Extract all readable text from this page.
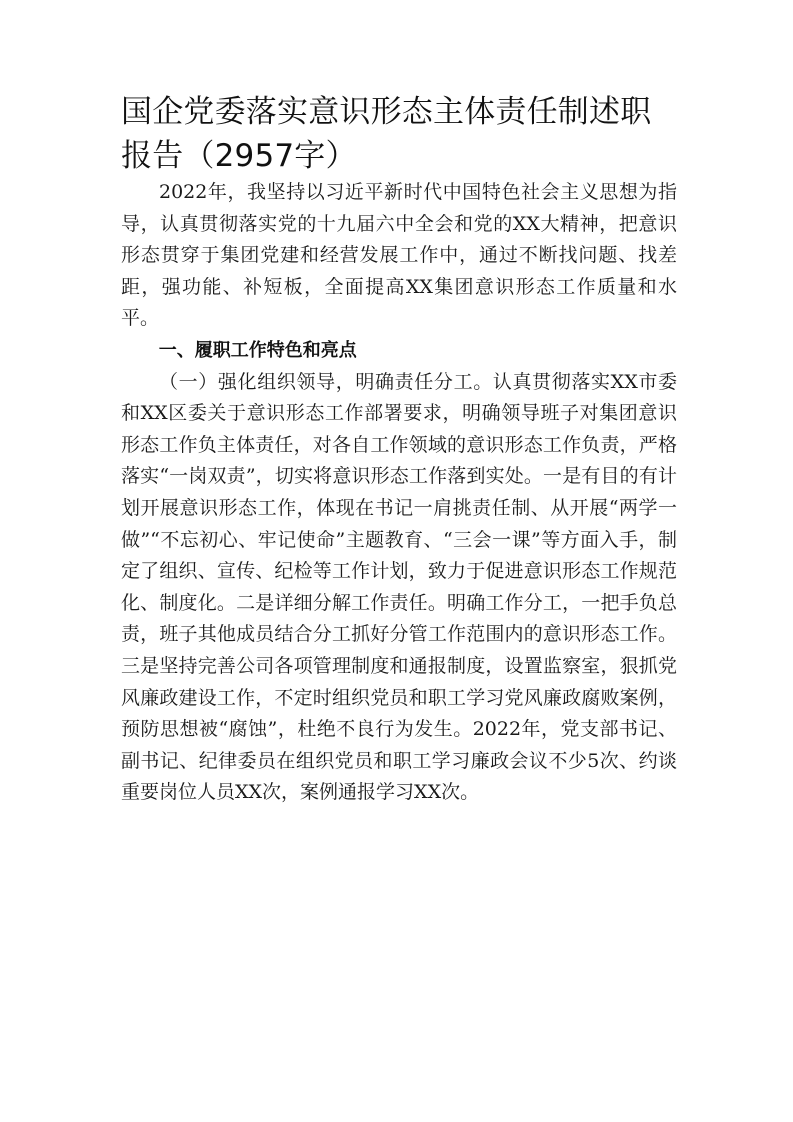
国企党委落实意识形态主体责任制述职报告（2957字）

2022年，我坚持以习近平新时代中国特色社会主义思想为指导，认真贯彻落实党的十九届六中全会和党的XX大精神，把意识形态贯穿于集团党建和经营发展工作中，通过不断找问题、找差距，强功能、补短板，全面提高XX集团意识形态工作质量和水平。

一、履职工作特色和亮点

（一）强化组织领导，明确责任分工。认真贯彻落实XX市委和XX区委关于意识形态工作部署要求，明确领导班子对集团意识形态工作负主体责任，对各自工作领域的意识形态工作负责，严格落实“一岗双责”，切实将意识形态工作落到实处。一是有目的有计划开展意识形态工作，体现在书记一肩挑责任制、从开展“两学一做”“不忘初心、牢记使命”主题教育、“三会一课”等方面入手，制定了组织、宣传、纪检等工作计划，致力于促进意识形态工作规范化、制度化。二是详细分解工作责任。明确工作分工，一把手负总责，班子其他成员结合分工抓好分管工作范围内的意识形态工作。三是坚持完善公司各项管理制度和通报制度，设置监察室，狠抓党风廉政建设工作，不定时组织党员和职工学习党风廉政腐败案例，预防思想被“腐蚀”，杜绝不良行为发生。2022年，党支部书记、副书记、纪律委员在组织党员和职工学习廉政会议不少5次、约谈重要岗位人员XX次，案例通报学习XX次。
